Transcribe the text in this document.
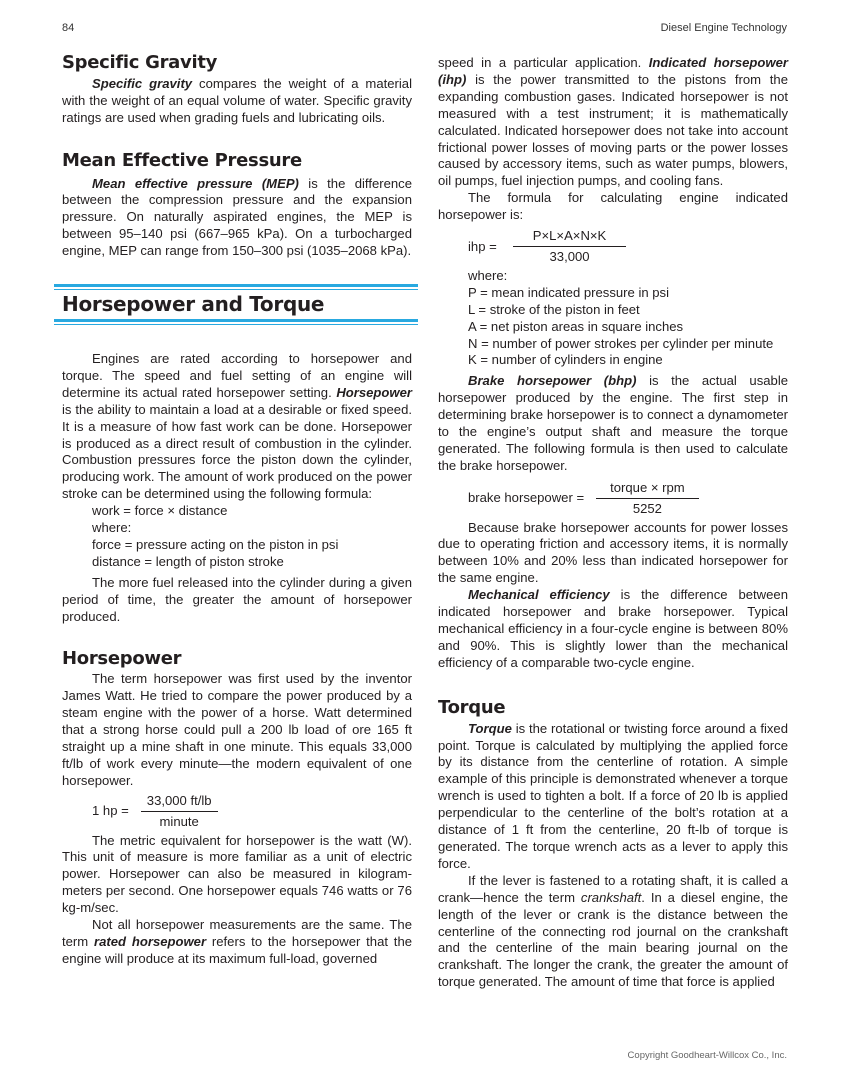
84	Diesel Engine Technology
Specific Gravity

Specific gravity compares the weight of a material with the weight of an equal volume of water. Specific gravity ratings are used when grading fuels and lubricating oils.

Mean Effective Pressure

Mean effective pressure (MEP) is the difference between the compression pressure and the expansion pressure. On naturally aspirated engines, the MEP is between 95–140 psi (667–965 kPa). On a turbocharged engine, MEP can range from 150–300 psi (1035–2068 kPa).

Horsepower and Torque

Engines are rated according to horsepower and torque. The speed and fuel setting of an engine will determine its actual rated horsepower setting. Horsepower is the ability to maintain a load at a desirable or fixed speed. It is a measure of how fast work can be done. Horsepower is produced as a direct result of combustion in the cylinder. Combustion pressures force the piston down the cylinder, producing work. The amount of work produced on the power stroke can be determined using the following formula:

work = force × distance
where:
force = pressure acting on the piston in psi
distance = length of piston stroke

The more fuel released into the cylinder during a given period of time, the greater the amount of horsepower produced.

Horsepower

The term horsepower was first used by the inventor James Watt. He tried to compare the power produced by a steam engine with the power of a horse. Watt determined that a strong horse could pull a 200 lb load of ore 165 ft straight up a mine shaft in one minute. This equals 33,000 ft/lb of work every minute—the modern equivalent of one horsepower.

1 hp = $\frac{33,000 ft/lb}{\text{minute}}$

The metric equivalent for horsepower is the watt (W). This unit of measure is more familiar as a unit of electric power. Horsepower can also be measured in kilogram-meters per second. One horsepower equals 746 watts or 76 kg-m/sec.

Not all horsepower measurements are the same. The term rated horsepower refers to the horsepower that the engine will produce at its maximum full-load, governed

speed in a particular application. Indicated horsepower (ihp) is the power transmitted to the pistons from the expanding combustion gases. Indicated horsepower is not measured with a test instrument; it is mathematically calculated. Indicated horsepower does not take into account frictional power losses of moving parts or the power losses caused by accessory items, such as water pumps, blowers, oil pumps, fuel injection pumps, and cooling fans.

The formula for calculating engine indicated horsepower is:

ihp = $\frac{P\times L\times A\times N\times K}{33,000}$
where:
P = mean indicated pressure in psi
L = stroke of the piston in feet
A = net piston areas in square inches
N = number of power strokes per cylinder per minute
K = number of cylinders in engine

Brake horsepower (bhp) is the actual usable horsepower produced by the engine. The first step in determining brake horsepower is to connect a dynamometer to the engine’s output shaft and measure the torque generated. The following formula is then used to calculate the brake horsepower.

brake horsepower = $\frac{\text{torque × rpm}}{5252}$

Because brake horsepower accounts for power losses due to operating friction and accessory items, it is normally between 10% and 20% less than indicated horsepower for the same engine.

Mechanical efficiency is the difference between indicated horsepower and brake horsepower. Typical mechanical efficiency in a four-cycle engine is between 80% and 90%. This is slightly lower than the mechanical efficiency of a comparable two-cycle engine.

Torque

Torque is the rotational or twisting force around a fixed point. Torque is calculated by multiplying the applied force by its distance from the centerline of rotation. A simple example of this principle is demonstrated whenever a torque wrench is used to tighten a bolt. If a force of 20 lb is applied perpendicular to the centerline of the bolt’s rotation at a distance of 1 ft from the centerline, 20 ft-lb of torque is generated. The torque wrench acts as a lever to apply this force.

If the lever is fastened to a rotating shaft, it is called a crank—hence the term crankshaft. In a diesel engine, the length of the lever or crank is the distance between the centerline of the connecting rod journal on the crankshaft and the centerline of the main bearing journal on the crankshaft. The longer the crank, the greater the amount of torque generated. The amount of time that force is applied

Copyright Goodheart-Willcox Co., Inc.
